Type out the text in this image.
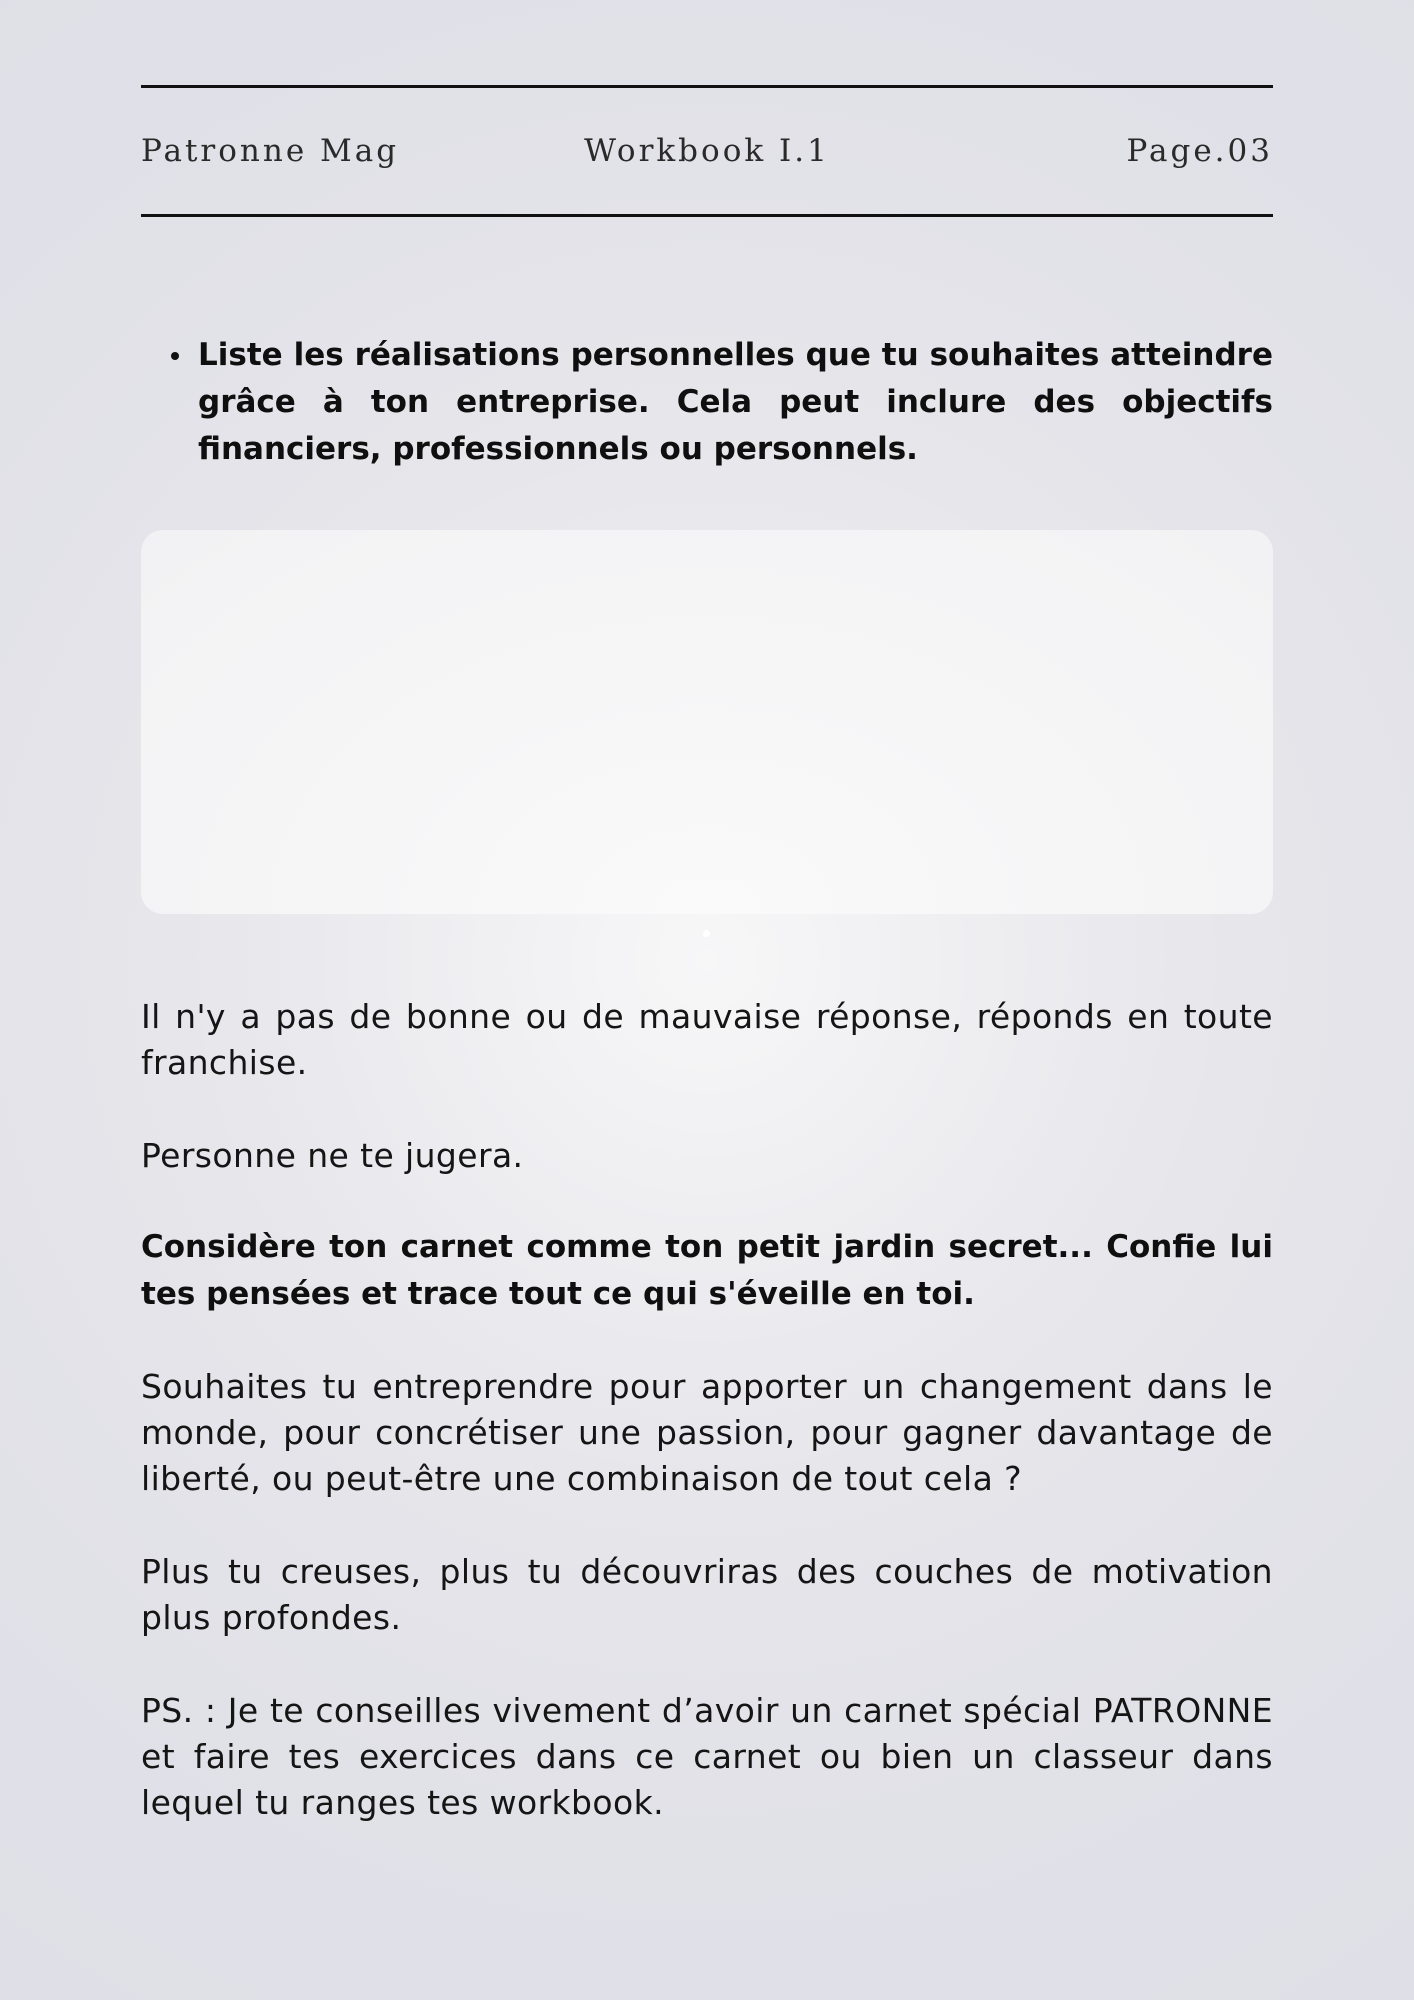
Patronne Mag	Workbook I.1	Page.03
Liste les réalisations personnelles que tu souhaites atteindre grâce à ton entreprise. Cela peut inclure des objectifs financiers, professionnels ou personnels.

Il n'y a pas de bonne ou de mauvaise réponse, réponds en toute franchise.

Personne ne te jugera.

Considère ton carnet comme ton petit jardin secret... Confie lui tes pensées et trace tout ce qui s'éveille en toi.

Souhaites tu entreprendre pour apporter un changement dans le monde, pour concrétiser une passion, pour gagner davantage de liberté, ou peut-être une combinaison de tout cela ?

Plus tu creuses, plus tu découvriras des couches de motivation plus profondes.

PS. : Je te conseilles vivement d’avoir un carnet spécial PATRONNE et faire tes exercices dans ce carnet ou bien un classeur dans lequel tu ranges tes workbook.
